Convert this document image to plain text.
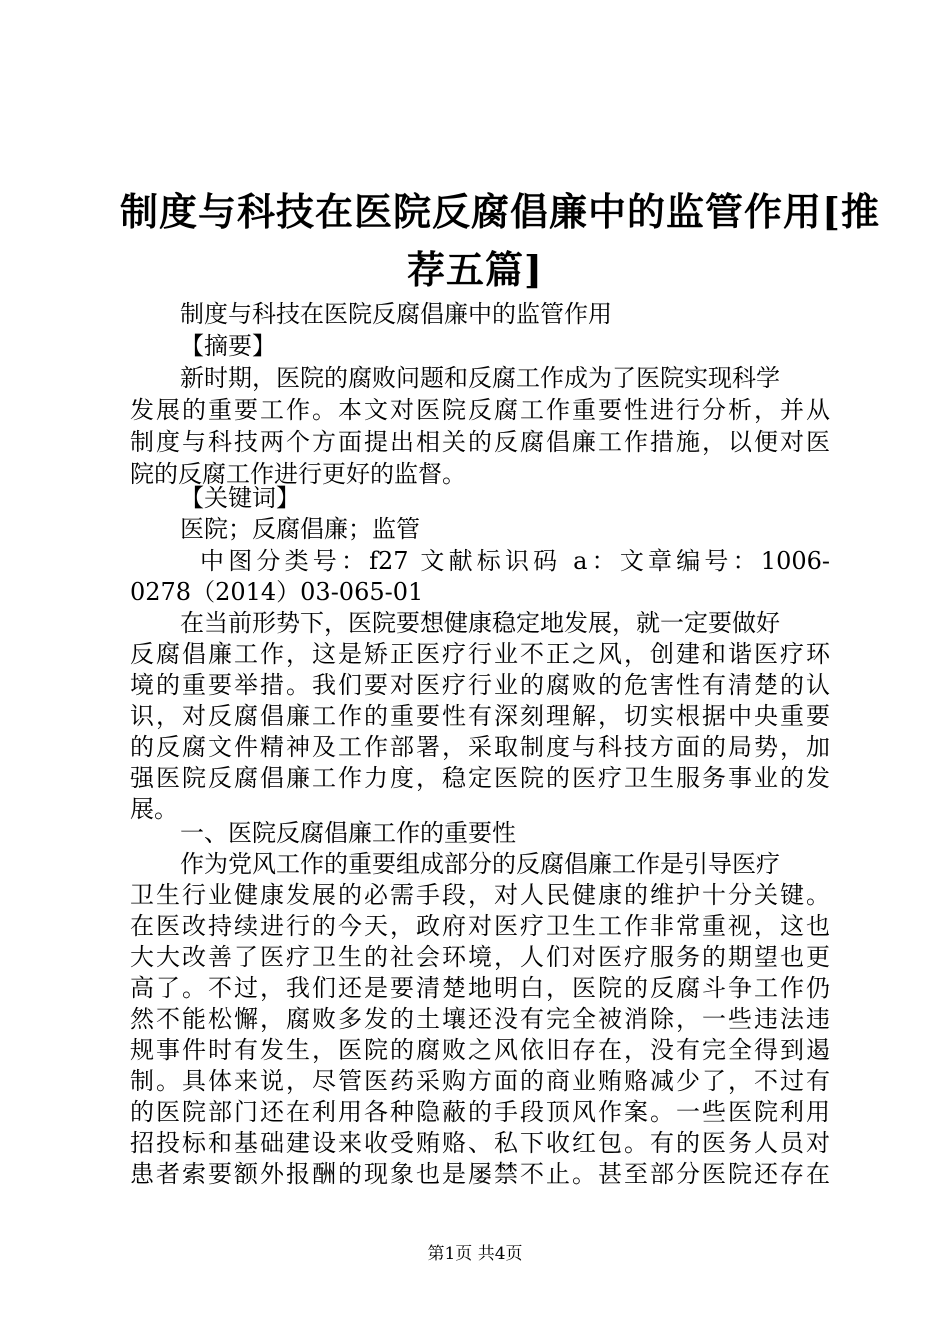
制度与科技在医院反腐倡廉中的监管作用[推
荐五篇]
制度与科技在医院反腐倡廉中的监管作用
【摘要】
新时期，医院的腐败问题和反腐工作成为了医院实现科学
发展的重要工作。本文对医院反腐工作重要性进行分析，并从
制度与科技两个方面提出相关的反腐倡廉工作措施，以便对医
院的反腐工作进行更好的监督。
【关键词】
医院；反腐倡廉；监管
中图分类号：f27 文献标识码 a：文章编号：1006-
0278（2014）03-065-01
在当前形势下，医院要想健康稳定地发展，就一定要做好
反腐倡廉工作，这是矫正医疗行业不正之风，创建和谐医疗环
境的重要举措。我们要对医疗行业的腐败的危害性有清楚的认
识，对反腐倡廉工作的重要性有深刻理解，切实根据中央重要
的反腐文件精神及工作部署，采取制度与科技方面的局势，加
强医院反腐倡廉工作力度，稳定医院的医疗卫生服务事业的发
展。
一、医院反腐倡廉工作的重要性
作为党风工作的重要组成部分的反腐倡廉工作是引导医疗
卫生行业健康发展的必需手段，对人民健康的维护十分关键。
在医改持续进行的今天，政府对医疗卫生工作非常重视，这也
大大改善了医疗卫生的社会环境，人们对医疗服务的期望也更
高了。不过，我们还是要清楚地明白，医院的反腐斗争工作仍
然不能松懈，腐败多发的土壤还没有完全被消除，一些违法违
规事件时有发生，医院的腐败之风依旧存在，没有完全得到遏
制。具体来说，尽管医药采购方面的商业贿赂减少了，不过有
的医院部门还在利用各种隐蔽的手段顶风作案。一些医院利用
招投标和基础建设来收受贿赂、私下收红包。有的医务人员对
患者索要额外报酬的现象也是屡禁不止。甚至部分医院还存在
第1页 共4页
